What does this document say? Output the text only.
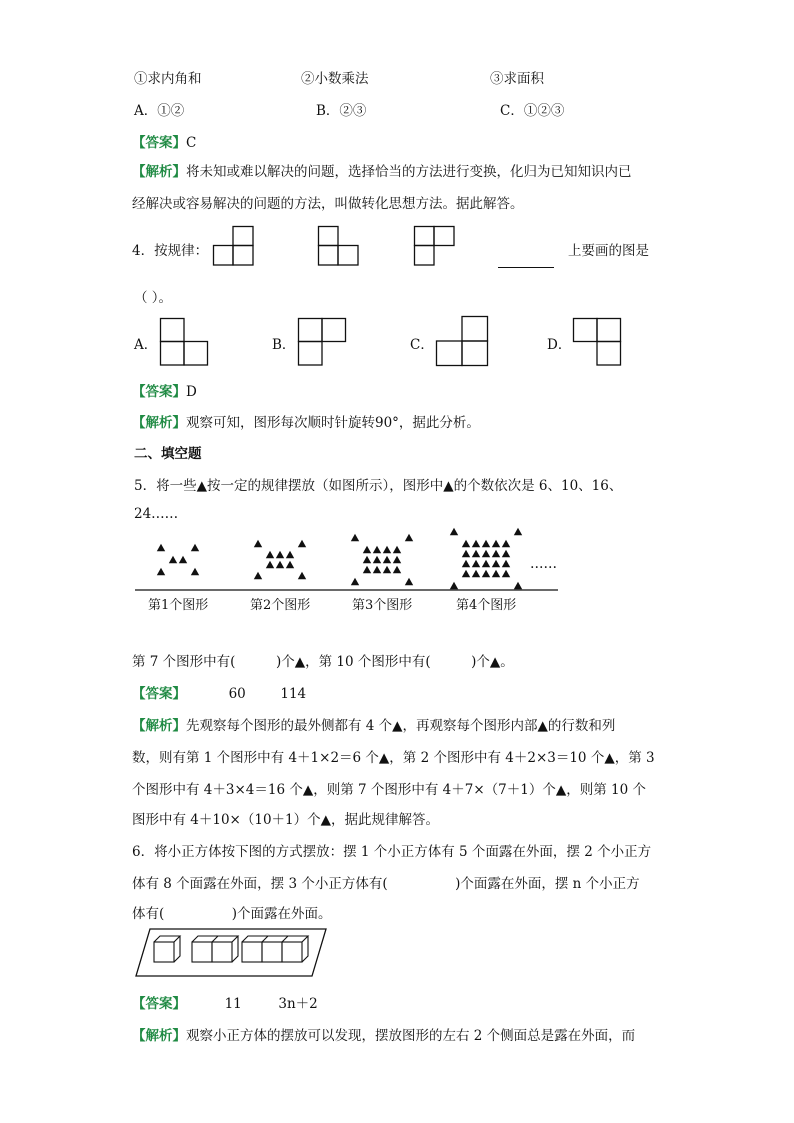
①求内角和	②小数乘法	③求面积
A．①②	B．②③	C．①②③
【答案】C
【解析】将未知或难以解决的问题，选择恰当的方法进行变换，化归为已知知识内已
经解决或容易解决的问题的方法，叫做转化思想方法。据此解答。
4．按规律：	上要画的图是
（ ）。
A．	B．	C．	D．
【答案】D
【解析】观察可知，图形每次顺时针旋转90°，据此分析。
二、填空题
5．将一些▲按一定的规律摆放（如图所示），图形中▲的个数依次是 6、10、16、
24……
……
第1个图形	第2个图形	第3个图形	第4个图形
第 7 个图形中有(　　　)个▲，第 10 个图形中有(　　　)个▲。
【答案】	60	114
【解析】先观察每个图形的最外侧都有 4 个▲，再观察每个图形内部▲的行数和列
数，则有第 1 个图形中有 4＋1×2＝6 个▲，第 2 个图形中有 4＋2×3＝10 个▲，第 3
个图形中有 4＋3×4＝16 个▲，则第 7 个图形中有 4＋7×（7＋1）个▲，则第 10 个
图形中有 4＋10×（10＋1）个▲，据此规律解答。
6．将小正方体按下图的方式摆放：摆 1 个小正方体有 5 个面露在外面，摆 2 个小正方
体有 8 个面露在外面，摆 3 个小正方体有(　　　　　)个面露在外面，摆 n 个小正方
体有(　　　　　)个面露在外面。
【答案】	11	3n＋2
【解析】观察小正方体的摆放可以发现，摆放图形的左右 2 个侧面总是露在外面，而
